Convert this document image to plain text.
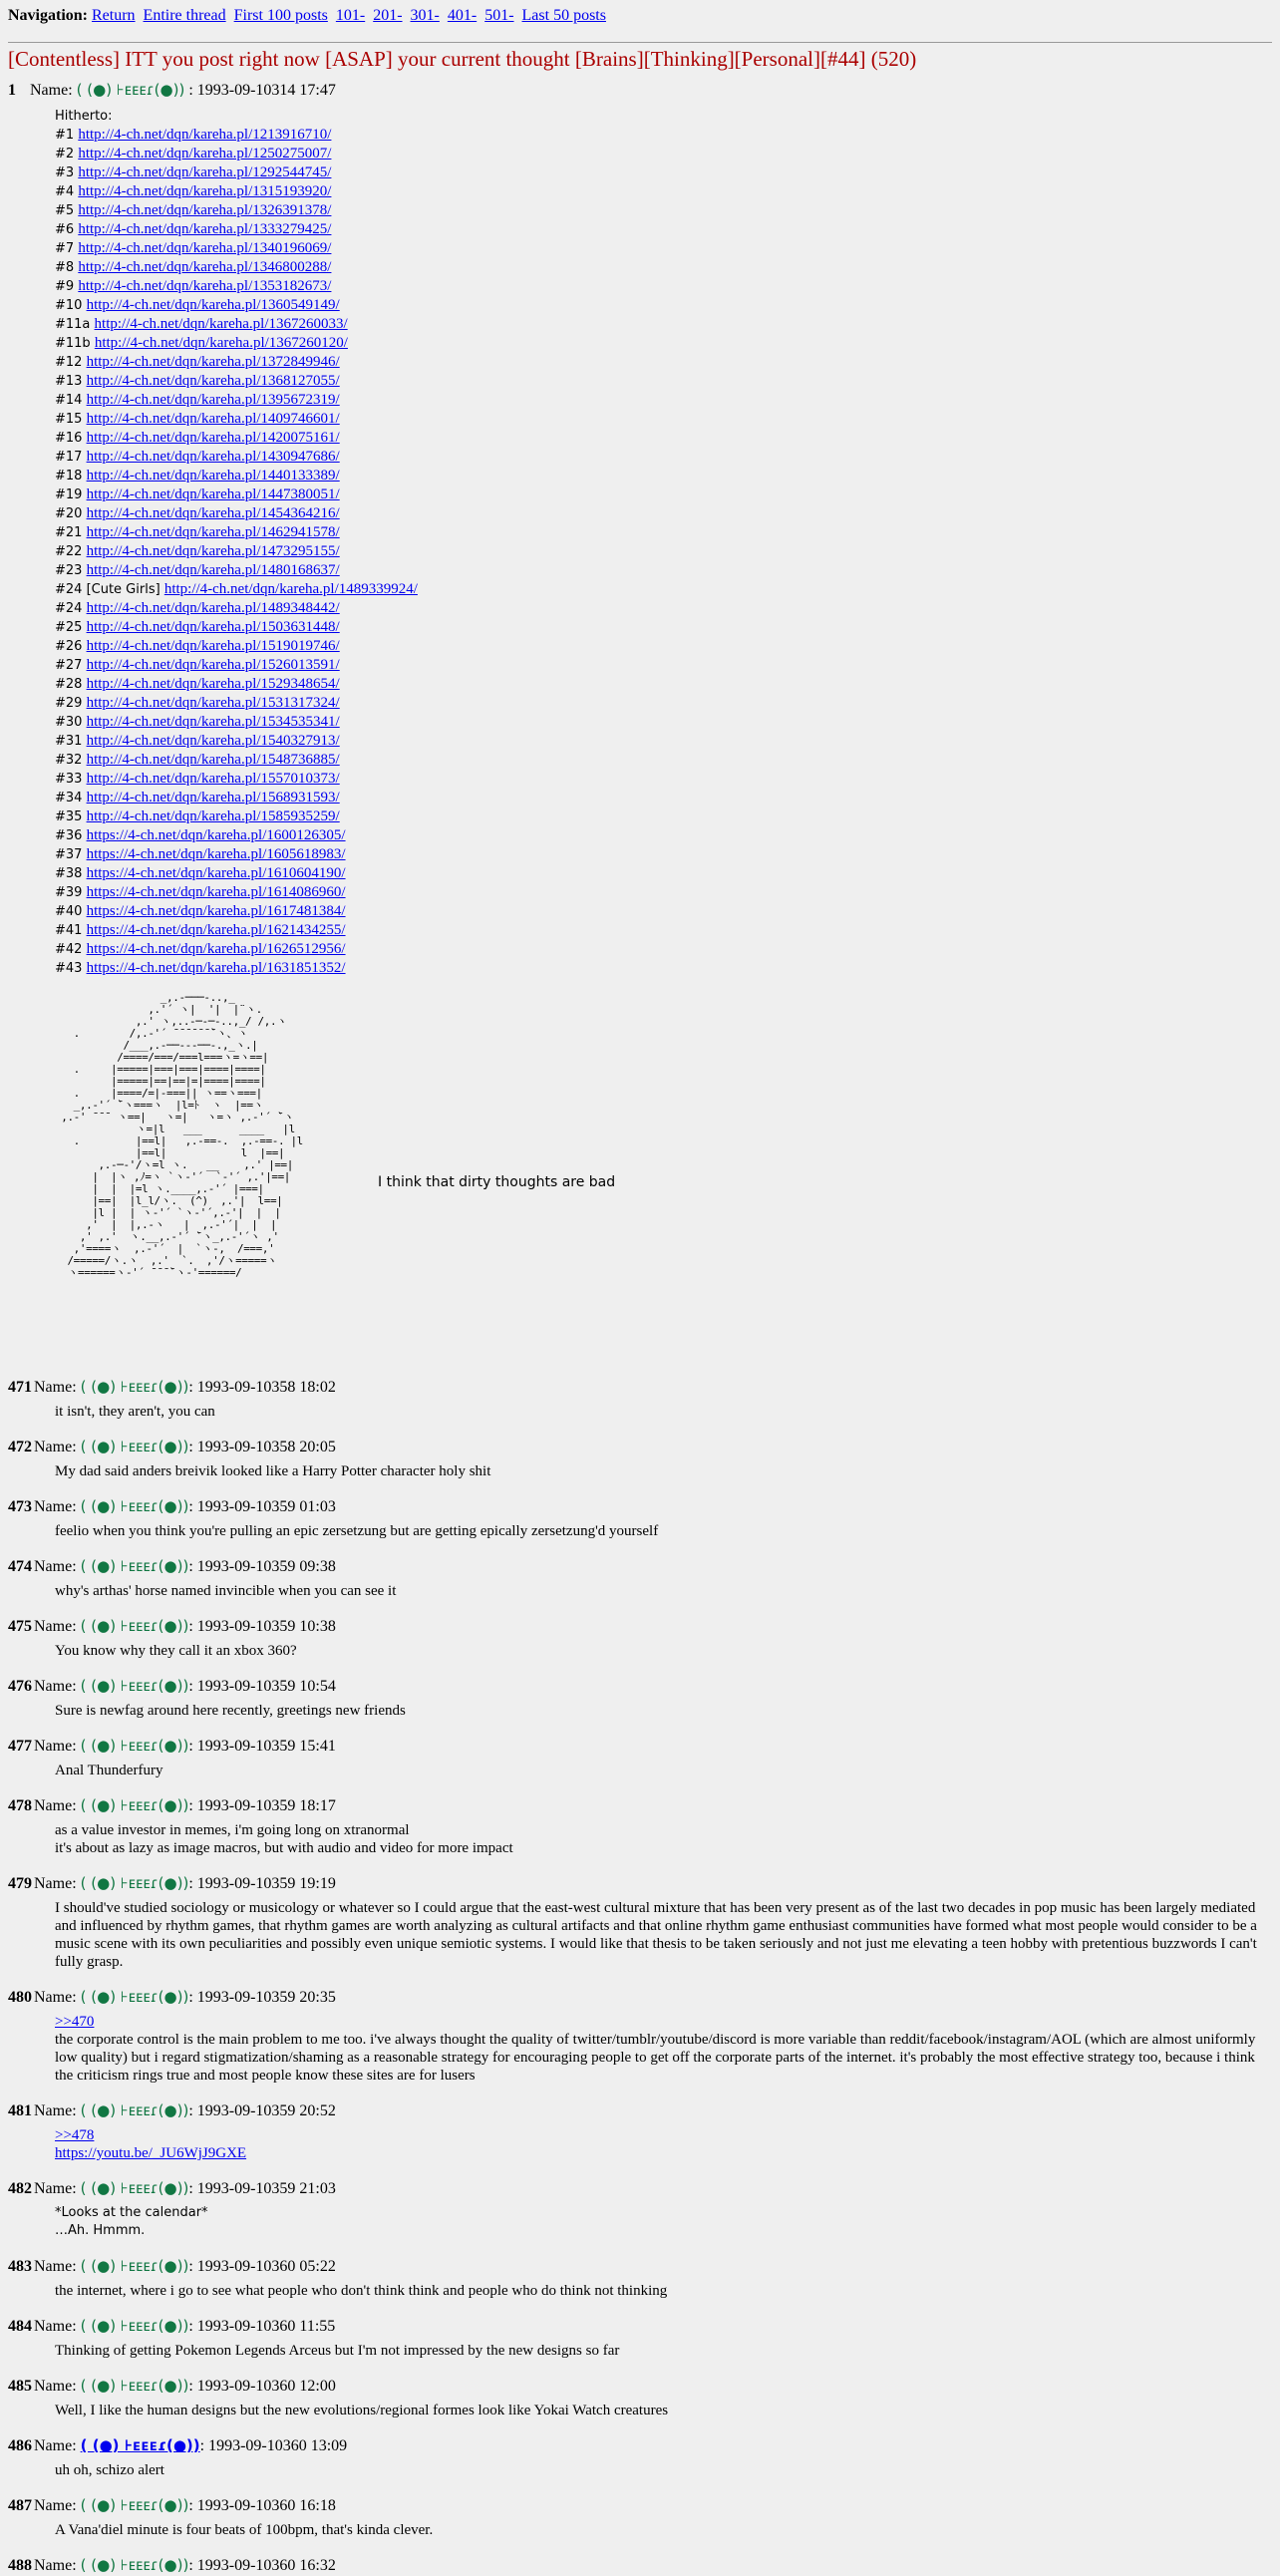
Navigation: Return Entire thread First 100 posts 101- 201- 301- 401- 501- Last 50 posts
[Contentless] ITT you post right now [ASAP] your current thought [Brains][Thinking][Personal][#44] (520)
1 Name: ( (●) ⊦ᴇᴇᴇɾ(●)) : 1993-09-10314 17:47
Hitherto:
#1 http://4-ch.net/dqn/kareha.pl/1213916710/
#2 http://4-ch.net/dqn/kareha.pl/1250275007/
#3 http://4-ch.net/dqn/kareha.pl/1292544745/
#4 http://4-ch.net/dqn/kareha.pl/1315193920/
#5 http://4-ch.net/dqn/kareha.pl/1326391378/
#6 http://4-ch.net/dqn/kareha.pl/1333279425/
#7 http://4-ch.net/dqn/kareha.pl/1340196069/
#8 http://4-ch.net/dqn/kareha.pl/1346800288/
#9 http://4-ch.net/dqn/kareha.pl/1353182673/
#10 http://4-ch.net/dqn/kareha.pl/1360549149/
#11a http://4-ch.net/dqn/kareha.pl/1367260033/
#11b http://4-ch.net/dqn/kareha.pl/1367260120/
#12 http://4-ch.net/dqn/kareha.pl/1372849946/
#13 http://4-ch.net/dqn/kareha.pl/1368127055/
#14 http://4-ch.net/dqn/kareha.pl/1395672319/
#15 http://4-ch.net/dqn/kareha.pl/1409746601/
#16 http://4-ch.net/dqn/kareha.pl/1420075161/
#17 http://4-ch.net/dqn/kareha.pl/1430947686/
#18 http://4-ch.net/dqn/kareha.pl/1440133389/
#19 http://4-ch.net/dqn/kareha.pl/1447380051/
#20 http://4-ch.net/dqn/kareha.pl/1454364216/
#21 http://4-ch.net/dqn/kareha.pl/1462941578/
#22 http://4-ch.net/dqn/kareha.pl/1473295155/
#23 http://4-ch.net/dqn/kareha.pl/1480168637/
#24 [Cute Girls] http://4-ch.net/dqn/kareha.pl/1489339924/
#24 http://4-ch.net/dqn/kareha.pl/1489348442/
#25 http://4-ch.net/dqn/kareha.pl/1503631448/
#26 http://4-ch.net/dqn/kareha.pl/1519019746/
#27 http://4-ch.net/dqn/kareha.pl/1526013591/
#28 http://4-ch.net/dqn/kareha.pl/1529348654/
#29 http://4-ch.net/dqn/kareha.pl/1531317324/
#30 http://4-ch.net/dqn/kareha.pl/1534535341/
#31 http://4-ch.net/dqn/kareha.pl/1540327913/
#32 http://4-ch.net/dqn/kareha.pl/1548736885/
#33 http://4-ch.net/dqn/kareha.pl/1557010373/
#34 http://4-ch.net/dqn/kareha.pl/1568931593/
#35 http://4-ch.net/dqn/kareha.pl/1585935259/
#36 https://4-ch.net/dqn/kareha.pl/1600126305/
#37 https://4-ch.net/dqn/kareha.pl/1605618983/
#38 https://4-ch.net/dqn/kareha.pl/1610604190/
#39 https://4-ch.net/dqn/kareha.pl/1614086960/
#40 https://4-ch.net/dqn/kareha.pl/1617481384/
#41 https://4-ch.net/dqn/kareha.pl/1621434255/
#42 https://4-ch.net/dqn/kareha.pl/1626512956/
#43 https://4-ch.net/dqn/kareha.pl/1631851352/
_,.-───-..,_
,.'´ ヽ|  '|  |¨ヽ.
,.' ヽ,..-─‐─-..,_/ /,.ヽ
.        /,.-'´ ̄ ̄ ̄ ̄ ̄ ̄ ̄`ヽ、ヽ
/___,.-──‐‐‐──-.,_ヽ.|
/====/===/===l===ヽ=ヽ==|
.     |=====|===|===|====|====|
|=====|==|==|=|====|====|
.     |====/=|-===|| ヽ==ヽ===|
_,.-'´ ̄`ヽ===ヽ  |l=ﾄ  ヽ  |==ヽ
,.-' ̄ ̄ ̄  ヽ==|   ヽ=|   ヽ=ヽ ,.-'´ ̄`ヽ
ヽ=|l   ___      ____   |l
.         |==l|   ,.-==-.  ,.-==-. |l
|==l|            l  |==|
,.-─-'/ヽ=l ヽ.   __    ,.' |==|
|  |ヽ ,ﾉ=ヽ `ヽ-'´  `-'´ ,.'|==|
|  |  |=l ヽ.____,.-'´ |===|
|==|  |l_l/ヽ.  (^)  ,.'|  l==|
|l |  | ヽ-'´ `ヽ-'´,.-'|  |  |
,'  |  |,.-ヽ   |  ,.-'´|  |  |
,' ,.'  ヽ.__,.-'´ ̄`ヽ_,.-'´ヽ ,'
,'====ヽ  ,.-'´  |  `ヽ-,  /===,'
/=====/ヽ.ヽ  ,.'  `.  ,'/ヽ=====ヽ
ヽ======ヽ-'´ ̄ ̄ ̄ ̄`ヽ-'======/
I think that dirty thoughts are bad
471 Name: ( (●) ⊦ᴇᴇᴇɾ(●)): 1993-09-10358 18:02
it isn't, they aren't, you can
472 Name: ( (●) ⊦ᴇᴇᴇɾ(●)): 1993-09-10358 20:05
My dad said anders breivik looked like a Harry Potter character holy shit
473 Name: ( (●) ⊦ᴇᴇᴇɾ(●)): 1993-09-10359 01:03
feelio when you think you're pulling an epic zersetzung but are getting epically zersetzung'd yourself
474 Name: ( (●) ⊦ᴇᴇᴇɾ(●)): 1993-09-10359 09:38
why's arthas' horse named invincible when you can see it
475 Name: ( (●) ⊦ᴇᴇᴇɾ(●)): 1993-09-10359 10:38
You know why they call it an xbox 360?
476 Name: ( (●) ⊦ᴇᴇᴇɾ(●)): 1993-09-10359 10:54
Sure is newfag around here recently, greetings new friends
477 Name: ( (●) ⊦ᴇᴇᴇɾ(●)): 1993-09-10359 15:41
Anal Thunderfury
478 Name: ( (●) ⊦ᴇᴇᴇɾ(●)): 1993-09-10359 18:17
as a value investor in memes, i'm going long on xtranormal
it's about as lazy as image macros, but with audio and video for more impact
479 Name: ( (●) ⊦ᴇᴇᴇɾ(●)): 1993-09-10359 19:19
I should've studied sociology or musicology or whatever so I could argue that the east-west cultural mixture that has been very present as of the last two decades in pop music has been largely mediated and influenced by rhythm games, that rhythm games are worth analyzing as cultural artifacts and that online rhythm game enthusiast communities have formed what most people would consider to be a music scene with its own peculiarities and possibly even unique semiotic systems. I would like that thesis to be taken seriously and not just me elevating a teen hobby with pretentious buzzwords I can't fully grasp.
480 Name: ( (●) ⊦ᴇᴇᴇɾ(●)): 1993-09-10359 20:35
>>470
the corporate control is the main problem to me too. i've always thought the quality of twitter/tumblr/youtube/discord is more variable than reddit/facebook/instagram/AOL (which are almost uniformly low quality) but i regard stigmatization/shaming as a reasonable strategy for encouraging people to get off the corporate parts of the internet. it's probably the most effective strategy too, because i think the criticism rings true and most people know these sites are for lusers
481 Name: ( (●) ⊦ᴇᴇᴇɾ(●)): 1993-09-10359 20:52
>>478
https://youtu.be/_JU6WjJ9GXE
482 Name: ( (●) ⊦ᴇᴇᴇɾ(●)): 1993-09-10359 21:03
*Looks at the calendar*
…Ah. Hmmm.
483 Name: ( (●) ⊦ᴇᴇᴇɾ(●)): 1993-09-10360 05:22
the internet, where i go to see what people who don't think think and people who do think not thinking
484 Name: ( (●) ⊦ᴇᴇᴇɾ(●)): 1993-09-10360 11:55
Thinking of getting Pokemon Legends Arceus but I'm not impressed by the new designs so far
485 Name: ( (●) ⊦ᴇᴇᴇɾ(●)): 1993-09-10360 12:00
Well, I like the human designs but the new evolutions/regional formes look like Yokai Watch creatures
486 Name: ( (●) ⊦ᴇᴇᴇɾ(●)): 1993-09-10360 13:09
uh oh, schizo alert
487 Name: ( (●) ⊦ᴇᴇᴇɾ(●)): 1993-09-10360 16:18
A Vana'diel minute is four beats of 100bpm, that's kinda clever.
488 Name: ( (●) ⊦ᴇᴇᴇɾ(●)): 1993-09-10360 16:32
